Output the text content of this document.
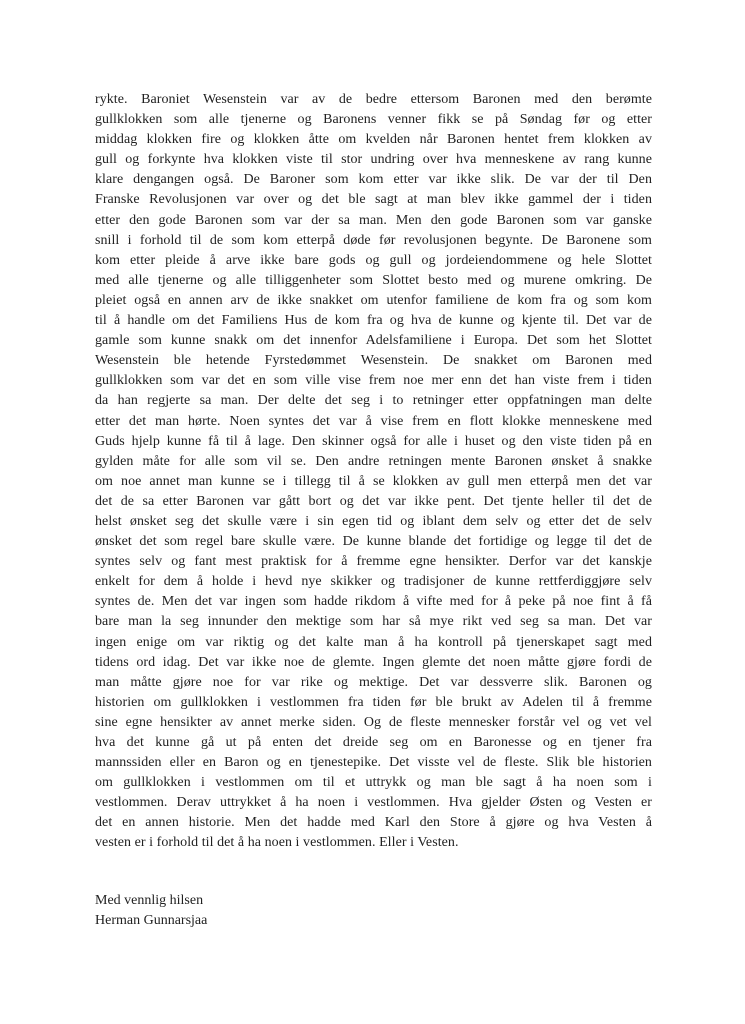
rykte. Baroniet Wesenstein var av de bedre ettersom Baronen med den berømte
gullklokken som alle tjenerne og Baronens venner fikk se på Søndag før og etter
middag klokken fire og klokken åtte om kvelden når Baronen hentet frem klokken av
gull og forkynte hva klokken viste til stor undring over hva menneskene av rang kunne
klare dengangen også. De Baroner som kom etter var ikke slik. De var der til Den
Franske Revolusjonen var over og det ble sagt at man blev ikke gammel der i tiden
etter den gode Baronen som var der sa man. Men den gode Baronen som var ganske
snill i forhold til de som kom etterpå døde før revolusjonen begynte. De Baronene som
kom etter pleide å arve ikke bare gods og gull og jordeiendommene og hele Slottet
med alle tjenerne og alle tilliggenheter som Slottet besto med og murene omkring. De
pleiet også en annen arv de ikke snakket om utenfor familiene de kom fra og som kom
til å handle om det Familiens Hus de kom fra og hva de kunne og kjente til. Det var de
gamle som kunne snakk om det innenfor Adelsfamiliene i Europa. Det som het Slottet
Wesenstein ble hetende Fyrstedømmet Wesenstein. De snakket om Baronen med
gullklokken som var det en som ville vise frem noe mer enn det han viste frem i tiden
da han regjerte sa man. Der delte det seg i to retninger etter oppfatningen man delte
etter det man hørte. Noen syntes det var å vise frem en flott klokke menneskene med
Guds hjelp kunne få til å lage. Den skinner også for alle i huset og den viste tiden på en
gylden måte for alle som vil se. Den andre retningen mente Baronen ønsket å snakke
om noe annet man kunne se i tillegg til å se klokken av gull men etterpå men det var
det de sa etter Baronen var gått bort og det var ikke pent. Det tjente heller til det de
helst ønsket seg det skulle være i sin egen tid og iblant dem selv og etter det de selv
ønsket det som regel bare skulle være. De kunne blande det fortidige og legge til det de
syntes selv og fant mest praktisk for å fremme egne hensikter. Derfor var det kanskje
enkelt for dem å holde i hevd nye skikker og tradisjoner de kunne rettferdiggjøre selv
syntes de. Men det var ingen som hadde rikdom å vifte med for å peke på noe fint å få
bare man la seg innunder den mektige som har så mye rikt ved seg sa man. Det var
ingen enige om var riktig og det kalte man å ha kontroll på tjenerskapet sagt med
tidens ord idag. Det var ikke noe de glemte. Ingen glemte det noen måtte gjøre fordi de
man måtte gjøre noe for var rike og mektige. Det var dessverre slik. Baronen og
historien om gullklokken i vestlommen fra tiden før ble brukt av Adelen til å fremme
sine egne hensikter av annet merke siden. Og de fleste mennesker forstår vel og vet vel
hva det kunne gå ut på enten det dreide seg om en Baronesse og en tjener fra
mannssiden eller en Baron og en tjenestepike. Det visste vel de fleste. Slik ble historien
om gullklokken i vestlommen om til et uttrykk og man ble sagt å ha noen som i
vestlommen. Derav uttrykket å ha noen i vestlommen. Hva gjelder Østen og Vesten er
det en annen historie. Men det hadde med Karl den Store å gjøre og hva Vesten å
vesten er i forhold til det å ha noen i vestlommen. Eller i Vesten.
Med vennlig hilsen
Herman Gunnarsjaa
